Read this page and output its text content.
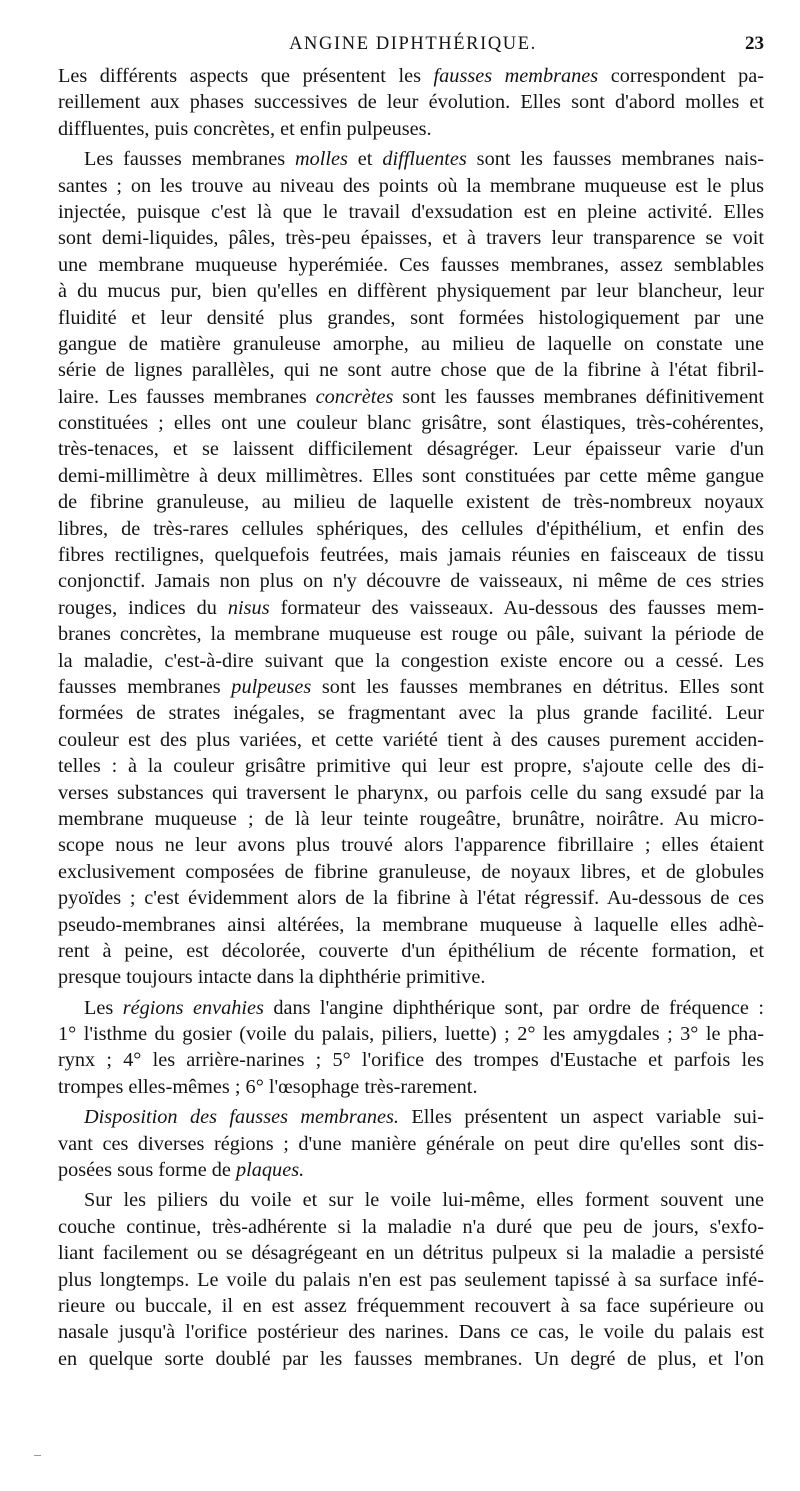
ANGINE DIPHTHÉRIQUE.	23
Les différents aspects que présentent les fausses membranes correspondent pa-
reillement aux phases successives de leur évolution. Elles sont d'abord molles et
diffluentes, puis concrètes, et enfin pulpeuses.
Les fausses membranes molles et diffluentes sont les fausses membranes nais-
santes ; on les trouve au niveau des points où la membrane muqueuse est le plus
injectée, puisque c'est là que le travail d'exsudation est en pleine activité. Elles
sont demi-liquides, pâles, très-peu épaisses, et à travers leur transparence se voit
une membrane muqueuse hyperémiée. Ces fausses membranes, assez semblables
à du mucus pur, bien qu'elles en diffèrent physiquement par leur blancheur, leur
fluidité et leur densité plus grandes, sont formées histologiquement par une
gangue de matière granuleuse amorphe, au milieu de laquelle on constate une
série de lignes parallèles, qui ne sont autre chose que de la fibrine à l'état fibril-
laire. Les fausses membranes concrètes sont les fausses membranes définitivement
constituées ; elles ont une couleur blanc grisâtre, sont élastiques, très-cohérentes,
très-tenaces, et se laissent difficilement désagréger. Leur épaisseur varie d'un
demi-millimètre à deux millimètres. Elles sont constituées par cette même gangue
de fibrine granuleuse, au milieu de laquelle existent de très-nombreux noyaux
libres, de très-rares cellules sphériques, des cellules d'épithélium, et enfin des
fibres rectilignes, quelquefois feutrées, mais jamais réunies en faisceaux de tissu
conjonctif. Jamais non plus on n'y découvre de vaisseaux, ni même de ces stries
rouges, indices du nisus formateur des vaisseaux. Au-dessous des fausses mem-
branes concrètes, la membrane muqueuse est rouge ou pâle, suivant la période de
la maladie, c'est-à-dire suivant que la congestion existe encore ou a cessé. Les
fausses membranes pulpeuses sont les fausses membranes en détritus. Elles sont
formées de strates inégales, se fragmentant avec la plus grande facilité. Leur
couleur est des plus variées, et cette variété tient à des causes purement acciden-
telles : à la couleur grisâtre primitive qui leur est propre, s'ajoute celle des di-
verses substances qui traversent le pharynx, ou parfois celle du sang exsudé par la
membrane muqueuse ; de là leur teinte rougeâtre, brunâtre, noirâtre. Au micro-
scope nous ne leur avons plus trouvé alors l'apparence fibrillaire ; elles étaient
exclusivement composées de fibrine granuleuse, de noyaux libres, et de globules
pyoïdes ; c'est évidemment alors de la fibrine à l'état régressif. Au-dessous de ces
pseudo-membranes ainsi altérées, la membrane muqueuse à laquelle elles adhè-
rent à peine, est décolorée, couverte d'un épithélium de récente formation, et
presque toujours intacte dans la diphthérie primitive.
Les régions envahies dans l'angine diphthérique sont, par ordre de fréquence :
1° l'isthme du gosier (voile du palais, piliers, luette) ; 2° les amygdales ; 3° le pha-
rynx ; 4° les arrière-narines ; 5° l'orifice des trompes d'Eustache et parfois les
trompes elles-mêmes ; 6° l'œsophage très-rarement.
Disposition des fausses membranes. Elles présentent un aspect variable sui-
vant ces diverses régions ; d'une manière générale on peut dire qu'elles sont dis-
posées sous forme de plaques.
Sur les piliers du voile et sur le voile lui-même, elles forment souvent une
couche continue, très-adhérente si la maladie n'a duré que peu de jours, s'exfo-
liant facilement ou se désagrégeant en un détritus pulpeux si la maladie a persisté
plus longtemps. Le voile du palais n'en est pas seulement tapissé à sa surface infé-
rieure ou buccale, il en est assez fréquemment recouvert à sa face supérieure ou
nasale jusqu'à l'orifice postérieur des narines. Dans ce cas, le voile du palais est
en quelque sorte doublé par les fausses membranes. Un degré de plus, et l'on
